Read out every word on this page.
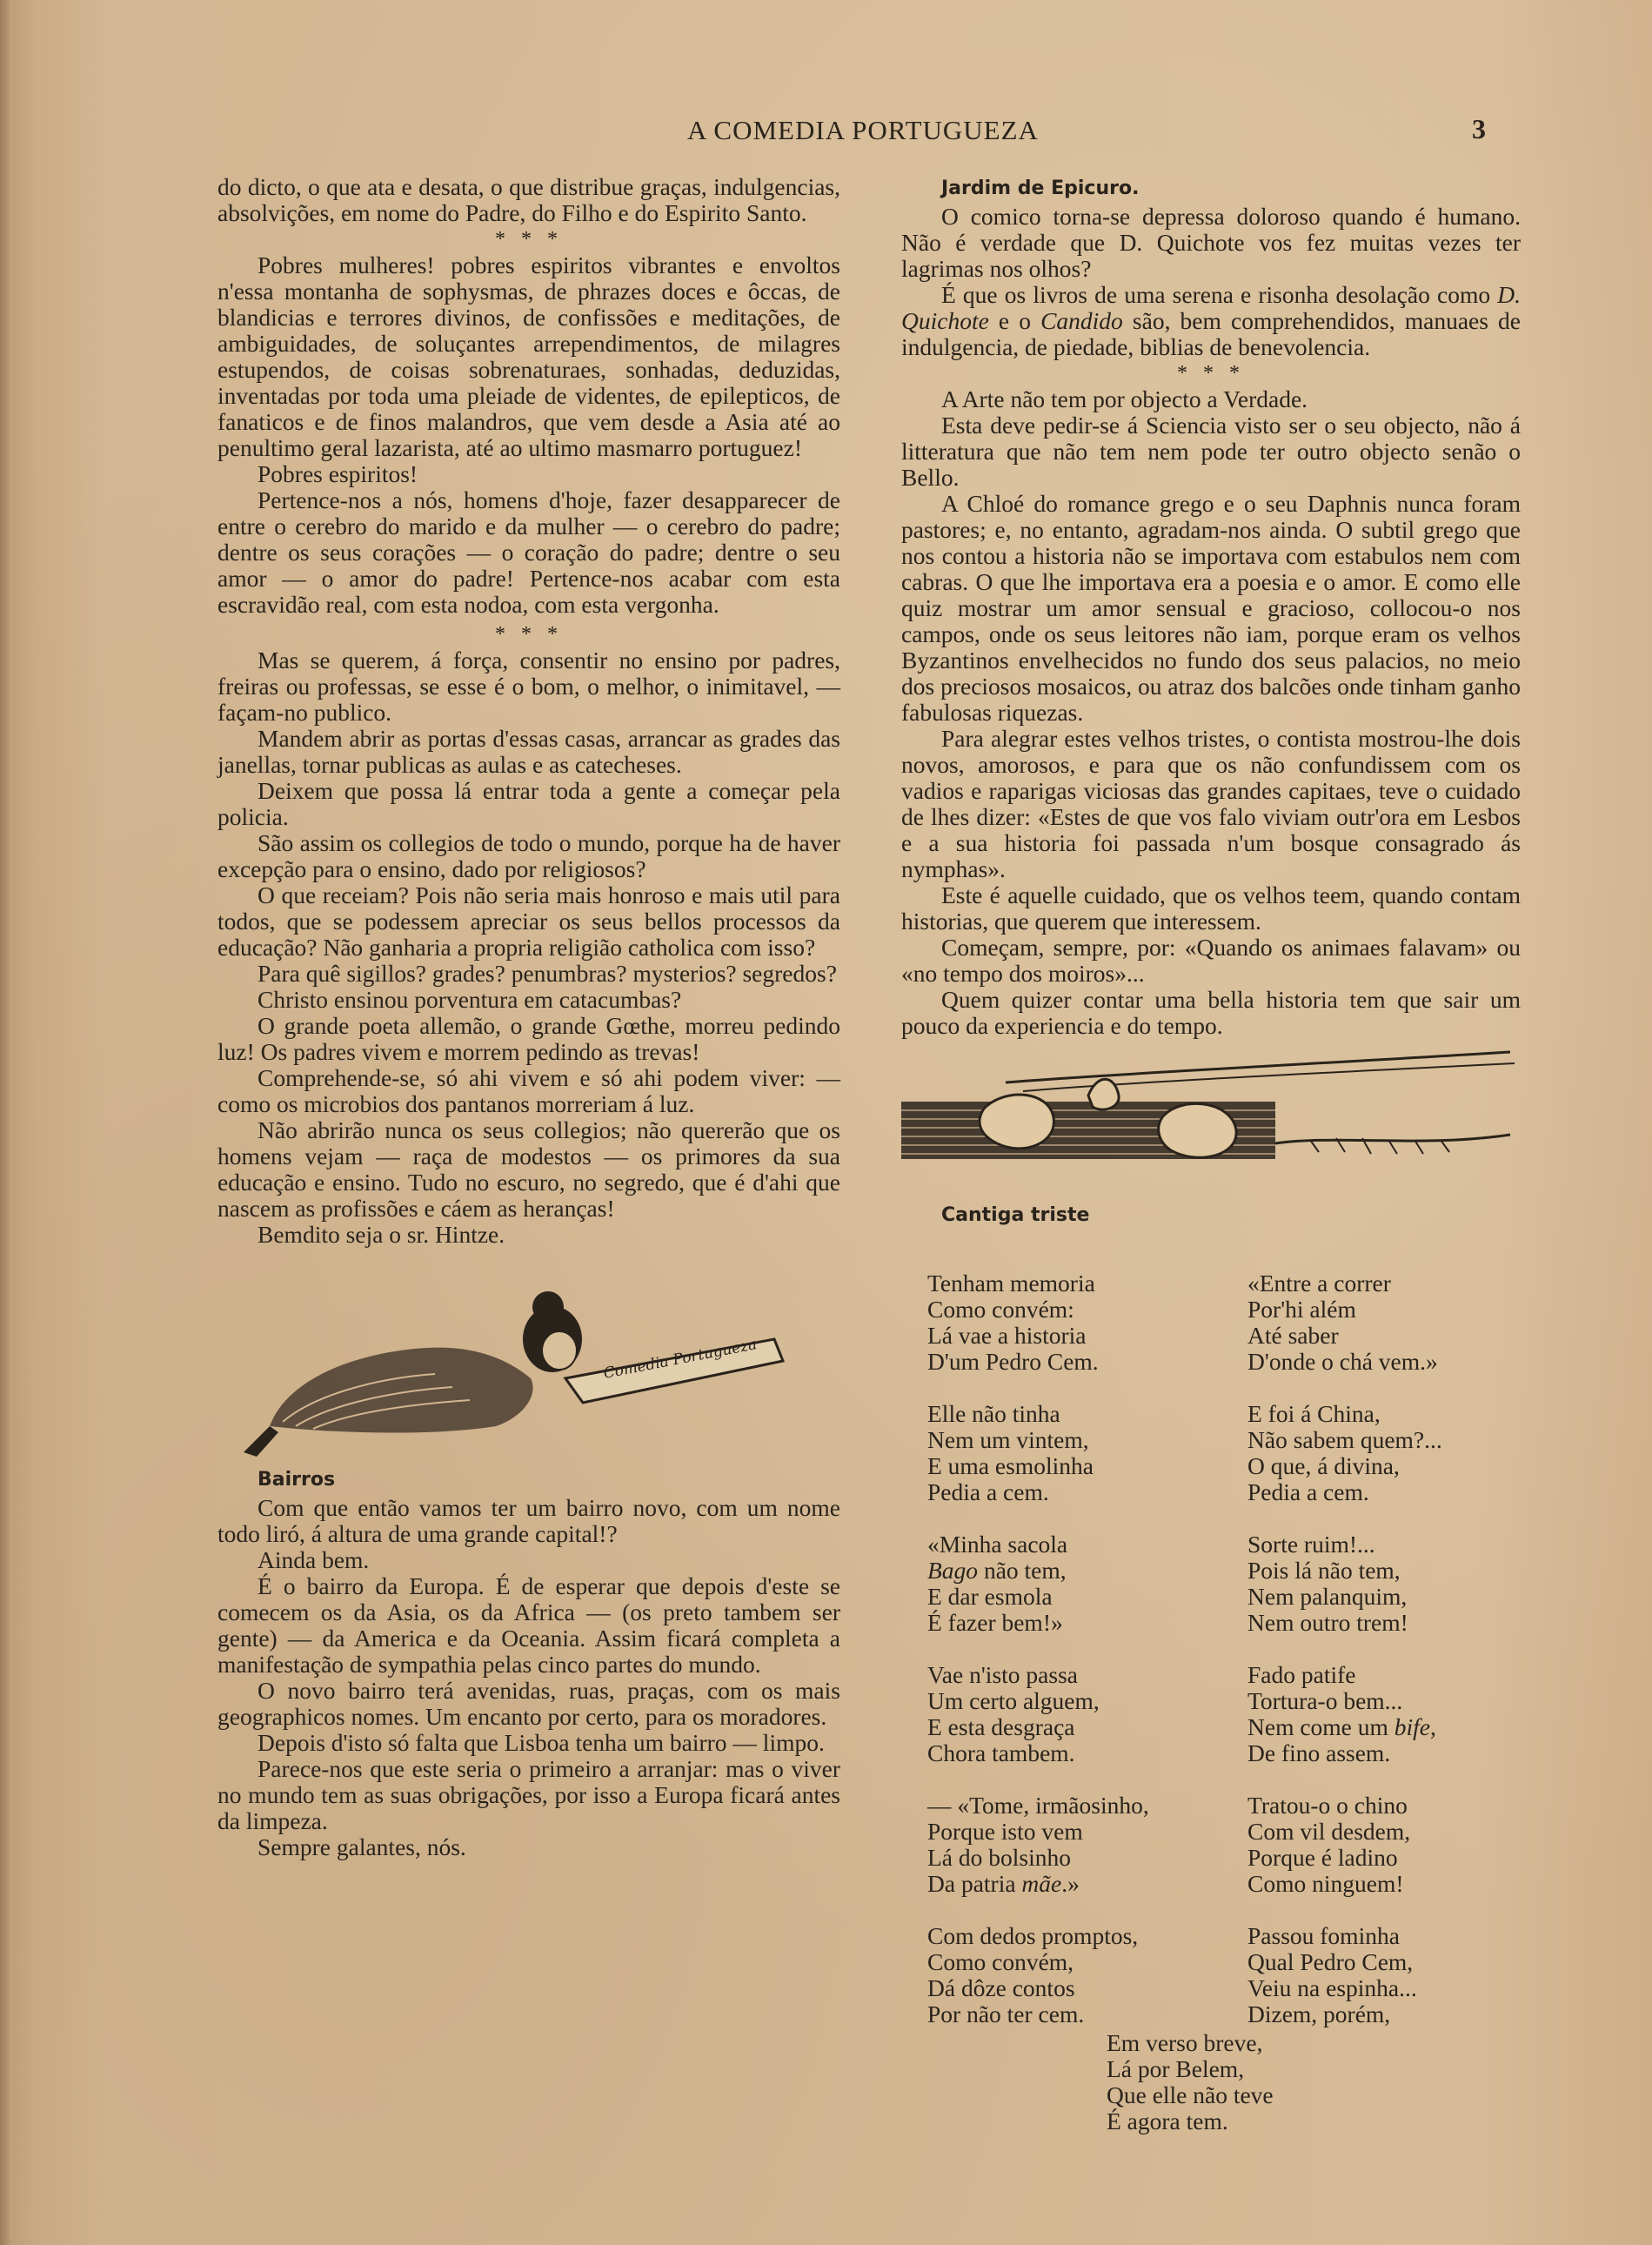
A COMEDIA PORTUGUEZA	3

do dicto, o que ata e desata, o que distribue graças, indulgencias, absolvições, em nome do Padre, do Filho e do Espirito Santo.

* * *

Pobres mulheres! pobres espiritos vibrantes e envoltos n'essa montanha de sophysmas, de phrazes doces e ôccas, de blandicias e terrores divinos, de confissões e meditações, de ambiguidades, de soluçantes arrependimentos, de milagres estupendos, de coisas sobrenaturaes, sonhadas, deduzidas, inventadas por toda uma pleiade de videntes, de epilepticos, de fanaticos e de finos malandros, que vem desde a Asia até ao penultimo geral lazarista, até ao ultimo masmarro portuguez!

Pobres espiritos!

Pertence-nos a nós, homens d'hoje, fazer desapparecer de entre o cerebro do marido e da mulher — o cerebro do padre; dentre os seus corações — o coração do padre; dentre o seu amor — o amor do padre! Pertence-nos acabar com esta escravidão real, com esta nodoa, com esta vergonha.

* * *

Mas se querem, á força, consentir no ensino por padres, freiras ou professas, se esse é o bom, o melhor, o inimitavel, — façam-no publico.

Mandem abrir as portas d'essas casas, arrancar as grades das janellas, tornar publicas as aulas e as catecheses.

Deixem que possa lá entrar toda a gente a começar pela policia.

São assim os collegios de todo o mundo, porque ha de haver excepção para o ensino, dado por religiosos?

O que receiam? Pois não seria mais honroso e mais util para todos, que se podessem apreciar os seus bellos processos da educação? Não ganharia a propria religião catholica com isso?

Para quê sigillos? grades? penumbras? mysterios? segredos?

Christo ensinou porventura em catacumbas?

O grande poeta allemão, o grande Gœthe, morreu pedindo luz! Os padres vivem e morrem pedindo as trevas!

Comprehende-se, só ahi vivem e só ahi podem viver: — como os microbios dos pantanos morreriam á luz.

Não abrirão nunca os seus collegios; não quererão que os homens vejam — raça de modestos — os primores da sua educação e ensino. Tudo no escuro, no segredo, que é d'ahi que nascem as profissões e cáem as heranças!

Bemdito seja o sr. Hintze.

Comedia Portugueza

Bairros

Com que então vamos ter um bairro novo, com um nome todo liró, á altura de uma grande capital!?

Ainda bem.

É o bairro da Europa. É de esperar que depois d'este se comecem os da Asia, os da Africa — (os preto tambem ser gente) — da America e da Oceania. Assim ficará completa a manifestação de sympathia pelas cinco partes do mundo.

O novo bairro terá avenidas, ruas, praças, com os mais geographicos nomes. Um encanto por certo, para os moradores.

Depois d'isto só falta que Lisboa tenha um bairro — limpo.

Parece-nos que este seria o primeiro a arranjar: mas o viver no mundo tem as suas obrigações, por isso a Europa ficará antes da limpeza.

Sempre galantes, nós.

Jardim de Epicuro.

O comico torna-se depressa doloroso quando é humano. Não é verdade que D. Quichote vos fez muitas vezes ter lagrimas nos olhos?

É que os livros de uma serena e risonha desolação como D. Quichote e o Candido são, bem comprehendidos, manuaes de indulgencia, de piedade, biblias de benevolencia.

* * *

A Arte não tem por objecto a Verdade.

Esta deve pedir-se á Sciencia visto ser o seu objecto, não á litteratura que não tem nem pode ter outro objecto senão o Bello.

A Chloé do romance grego e o seu Daphnis nunca foram pastores; e, no entanto, agradam-nos ainda. O subtil grego que nos contou a historia não se importava com estabulos nem com cabras. O que lhe importava era a poesia e o amor. E como elle quiz mostrar um amor sensual e gracioso, collocou-o nos campos, onde os seus leitores não iam, porque eram os velhos Byzantinos envelhecidos no fundo dos seus palacios, no meio dos preciosos mosaicos, ou atraz dos balcões onde tinham ganho fabulosas riquezas.

Para alegrar estes velhos tristes, o contista mostrou-lhe dois novos, amorosos, e para que os não confundissem com os vadios e raparigas viciosas das grandes capitaes, teve o cuidado de lhes dizer: «Estes de que vos falo viviam outr'ora em Lesbos e a sua historia foi passada n'um bosque consagrado ás nymphas».

Este é aquelle cuidado, que os velhos teem, quando contam historias, que querem que interessem.

Começam, sempre, por: «Quando os animaes falavam» ou «no tempo dos moiros»...

Quem quizer contar uma bella historia tem que sair um pouco da experiencia e do tempo.

Cantiga triste

Tenham memoria
Como convém:
Lá vae a historia
D'um Pedro Cem.
Elle não tinha
Nem um vintem,
E uma esmolinha
Pedia a cem.
«Minha sacola
Bago não tem,
E dar esmola
É fazer bem!»
Vae n'isto passa
Um certo alguem,
E esta desgraça
Chora tambem.
— «Tome, irmãosinho,
Porque isto vem
Lá do bolsinho
Da patria mãe.»
Com dedos promptos,
Como convém,
Dá dôze contos
Por não ter cem.
«Entre a correr
Por'hi além
Até saber
D'onde o chá vem.»
E foi á China,
Não sabem quem?...
O que, á divina,
Pedia a cem.
Sorte ruim!...
Pois lá não tem,
Nem palanquim,
Nem outro trem!
Fado patife
Tortura-o bem...
Nem come um bife,
De fino assem.
Tratou-o o chino
Com vil desdem,
Porque é ladino
Como ninguem!
Passou fominha
Qual Pedro Cem,
Veiu na espinha...
Dizem, porém,
Em verso breve,
Lá por Belem,
Que elle não teve
É agora tem.
